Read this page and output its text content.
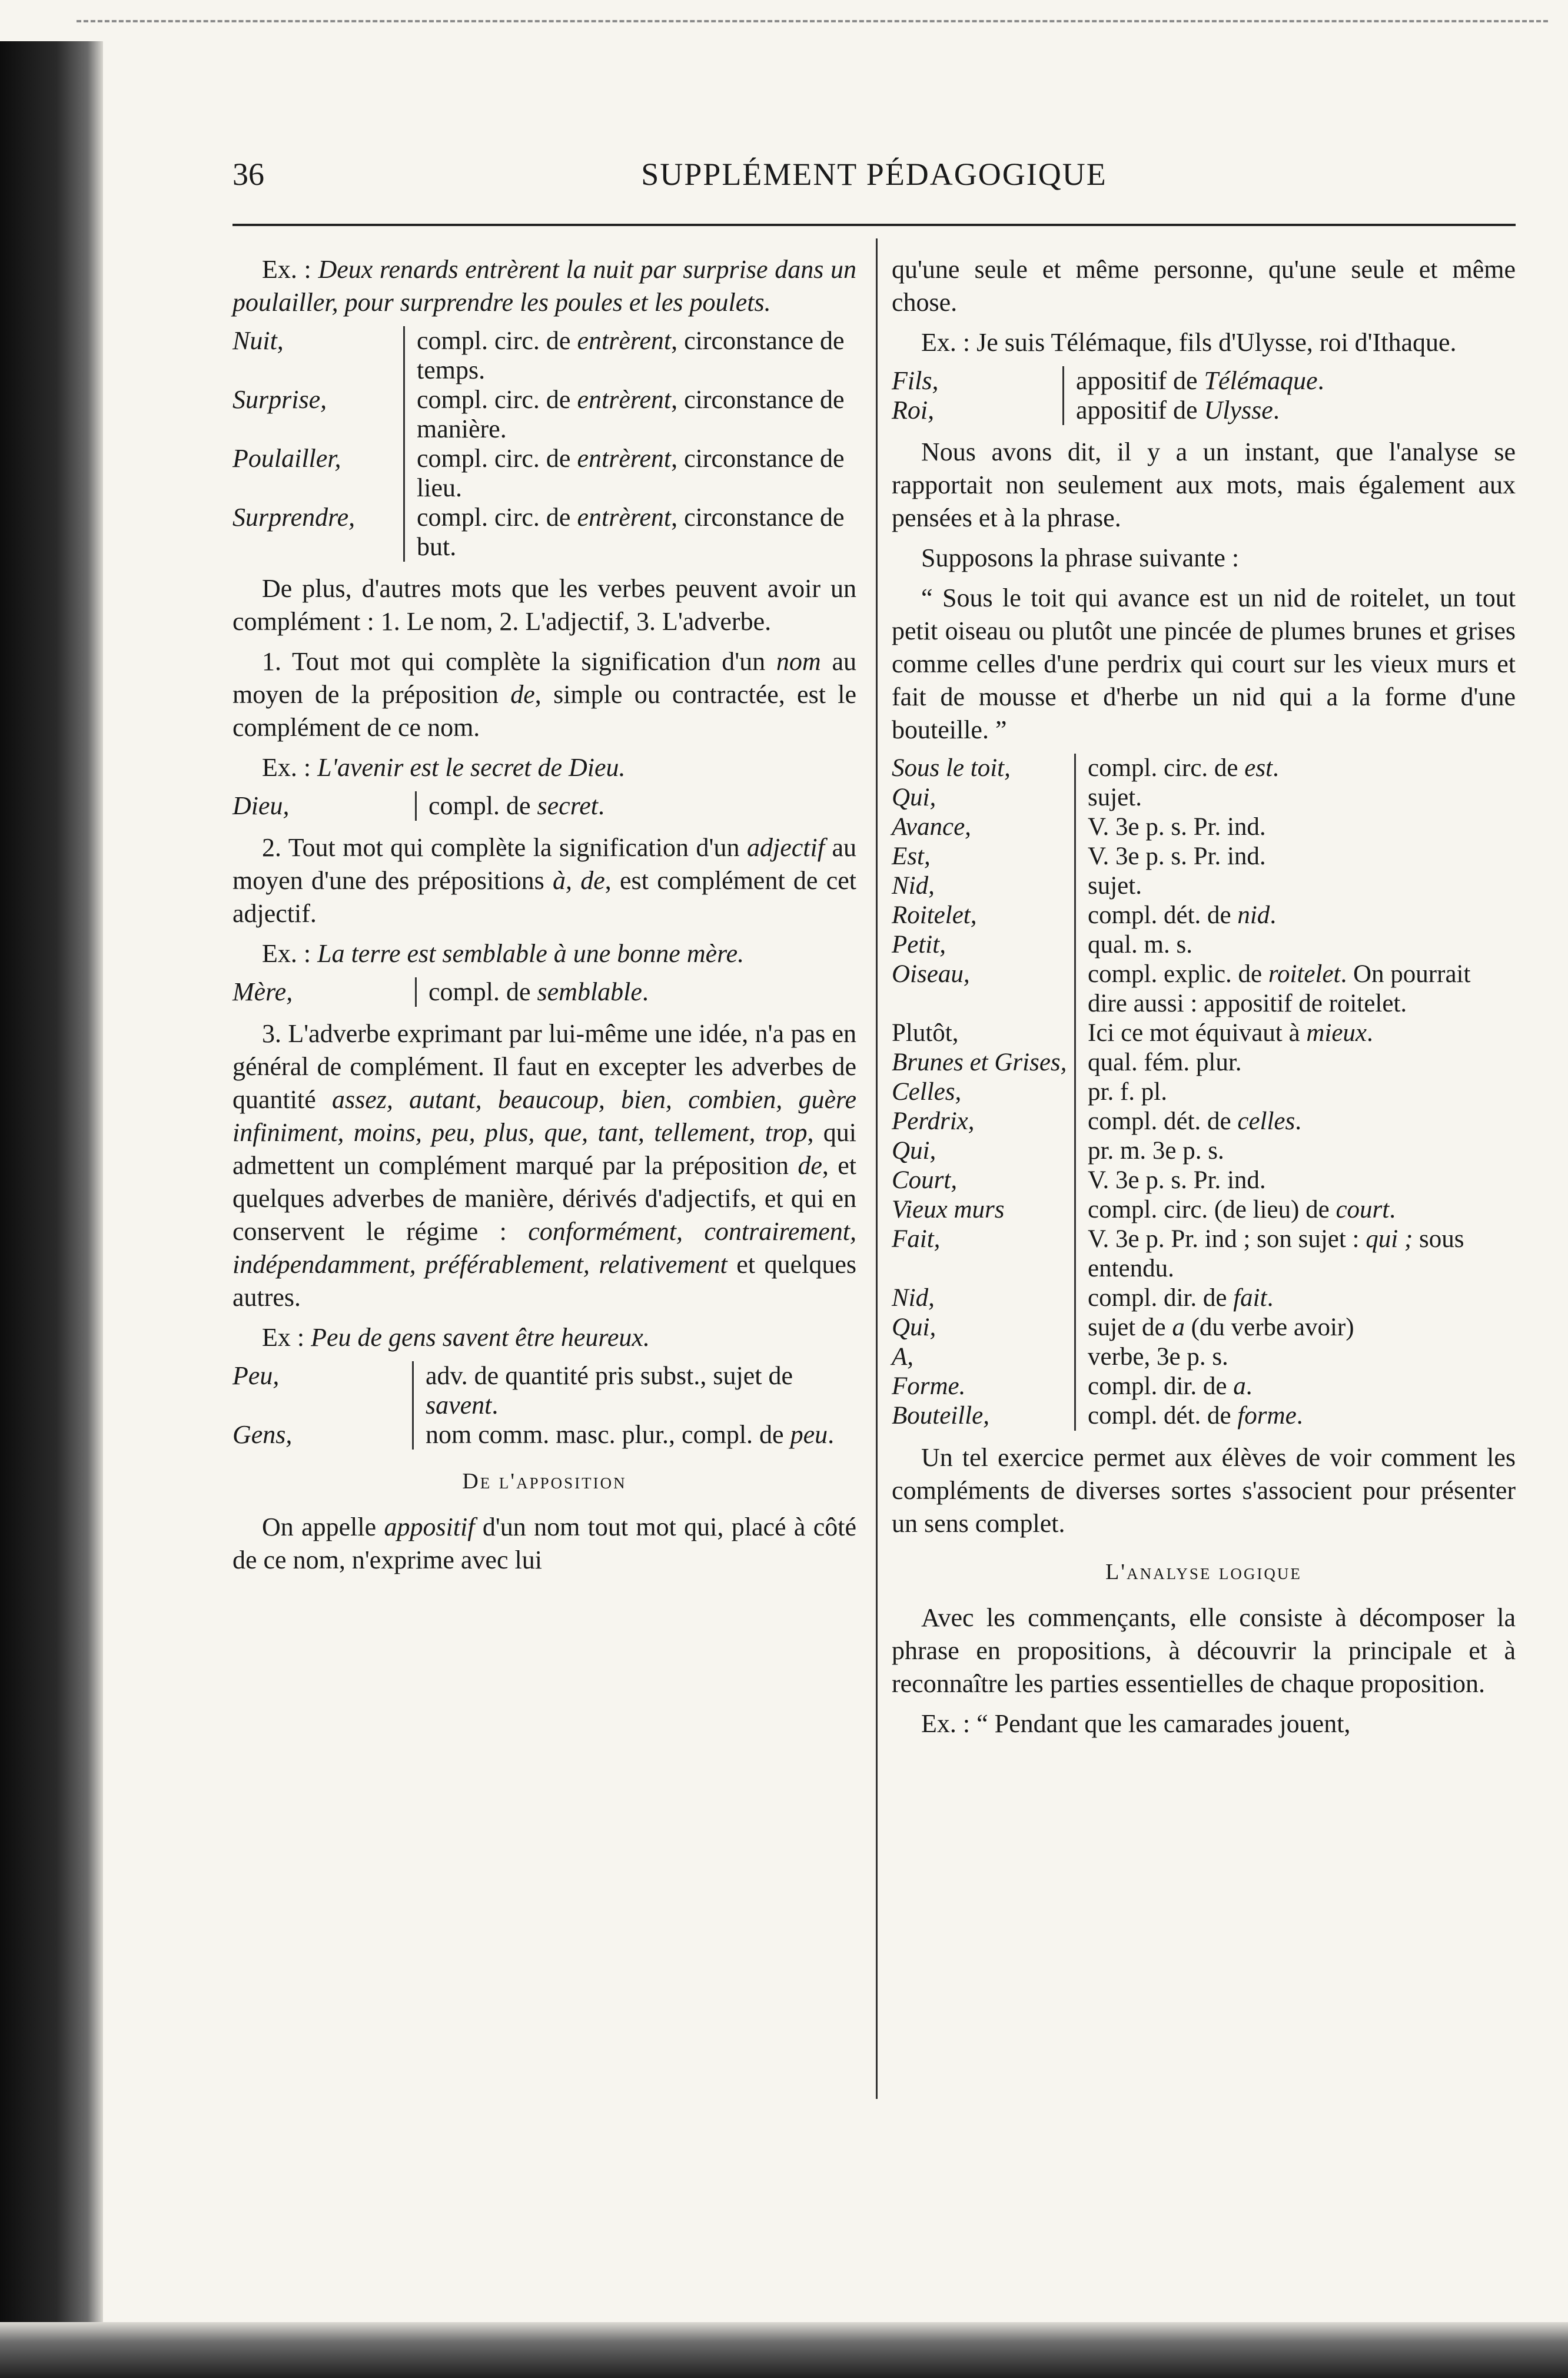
36	SUPPLÉMENT PÉDAGOGIQUE

Ex. : Deux renards entrèrent la nuit par surprise dans un poulailler, pour surprendre les poules et les poulets.

Nuit,	compl. circ. de entrèrent, circonstance de temps.
Surprise,	compl. circ. de entrèrent, circonstance de manière.
Poulailler,	compl. circ. de entrèrent, circonstance de lieu.
Surprendre,	compl. circ. de entrèrent, circonstance de but.

De plus, d'autres mots que les verbes peuvent avoir un complément : 1. Le nom, 2. L'adjectif, 3. L'adverbe.

1. Tout mot qui complète la signification d'un nom au moyen de la préposition de, simple ou contractée, est le complément de ce nom.

Ex. : L'avenir est le secret de Dieu.

Dieu,	compl. de secret.

2. Tout mot qui complète la signification d'un adjectif au moyen d'une des prépositions à, de, est complément de cet adjectif.

Ex. : La terre est semblable à une bonne mère.

Mère,	compl. de semblable.

3. L'adverbe exprimant par lui-même une idée, n'a pas en général de complément. Il faut en excepter les adverbes de quantité assez, autant, beaucoup, bien, combien, guère infiniment, moins, peu, plus, que, tant, tellement, trop, qui admettent un complément marqué par la préposition de, et quelques adverbes de manière, dérivés d'adjectifs, et qui en conservent le régime : conformément, contrairement, indépendamment, préférablement, relativement et quelques autres.

Ex : Peu de gens savent être heureux.

Peu,	adv. de quantité pris subst., sujet de savent.
Gens,	nom comm. masc. plur., compl. de peu.
De l'apposition

On appelle appositif d'un nom tout mot qui, placé à côté de ce nom, n'exprime avec lui

qu'une seule et même personne, qu'une seule et même chose.

Ex. : Je suis Télémaque, fils d'Ulysse, roi d'Ithaque.

Fils,	appositif de Télémaque.
Roi,	appositif de Ulysse.

Nous avons dit, il y a un instant, que l'analyse se rapportait non seulement aux mots, mais également aux pensées et à la phrase.

Supposons la phrase suivante :

“ Sous le toit qui avance est un nid de roitelet, un tout petit oiseau ou plutôt une pincée de plumes brunes et grises comme celles d'une perdrix qui court sur les vieux murs et fait de mousse et d'herbe un nid qui a la forme d'une bouteille. ”

Sous le toit,	compl. circ. de est.
Qui,	sujet.
Avance,	V. 3e p. s. Pr. ind.
Est,	V. 3e p. s. Pr. ind.
Nid,	sujet.
Roitelet,	compl. dét. de nid.
Petit,	qual. m. s.
Oiseau,	compl. explic. de roitelet. On pourrait dire aussi : appositif de roitelet.
Plutôt,	Ici ce mot équivaut à mieux.
Brunes et Grises, qual. fém. plur.
Celles,	pr. f. pl.
Perdrix,	compl. dét. de celles.
Qui,	pr. m. 3e p. s.
Court,	V. 3e p. s. Pr. ind.
Vieux murs	compl. circ. (de lieu) de court.
Fait,	V. 3e p. Pr. ind ; son sujet : qui ; sous entendu.
Nid,	compl. dir. de fait.
Qui,	sujet de a (du verbe avoir)
A,	verbe, 3e p. s.
Forme.	compl. dir. de a.
Bouteille,	compl. dét. de forme.

Un tel exercice permet aux élèves de voir comment les compléments de diverses sortes s'associent pour présenter un sens complet.

L'analyse logique

Avec les commençants, elle consiste à décomposer la phrase en propositions, à découvrir la principale et à reconnaître les parties essentielles de chaque proposition.

Ex. : “ Pendant que les camarades jouent,
